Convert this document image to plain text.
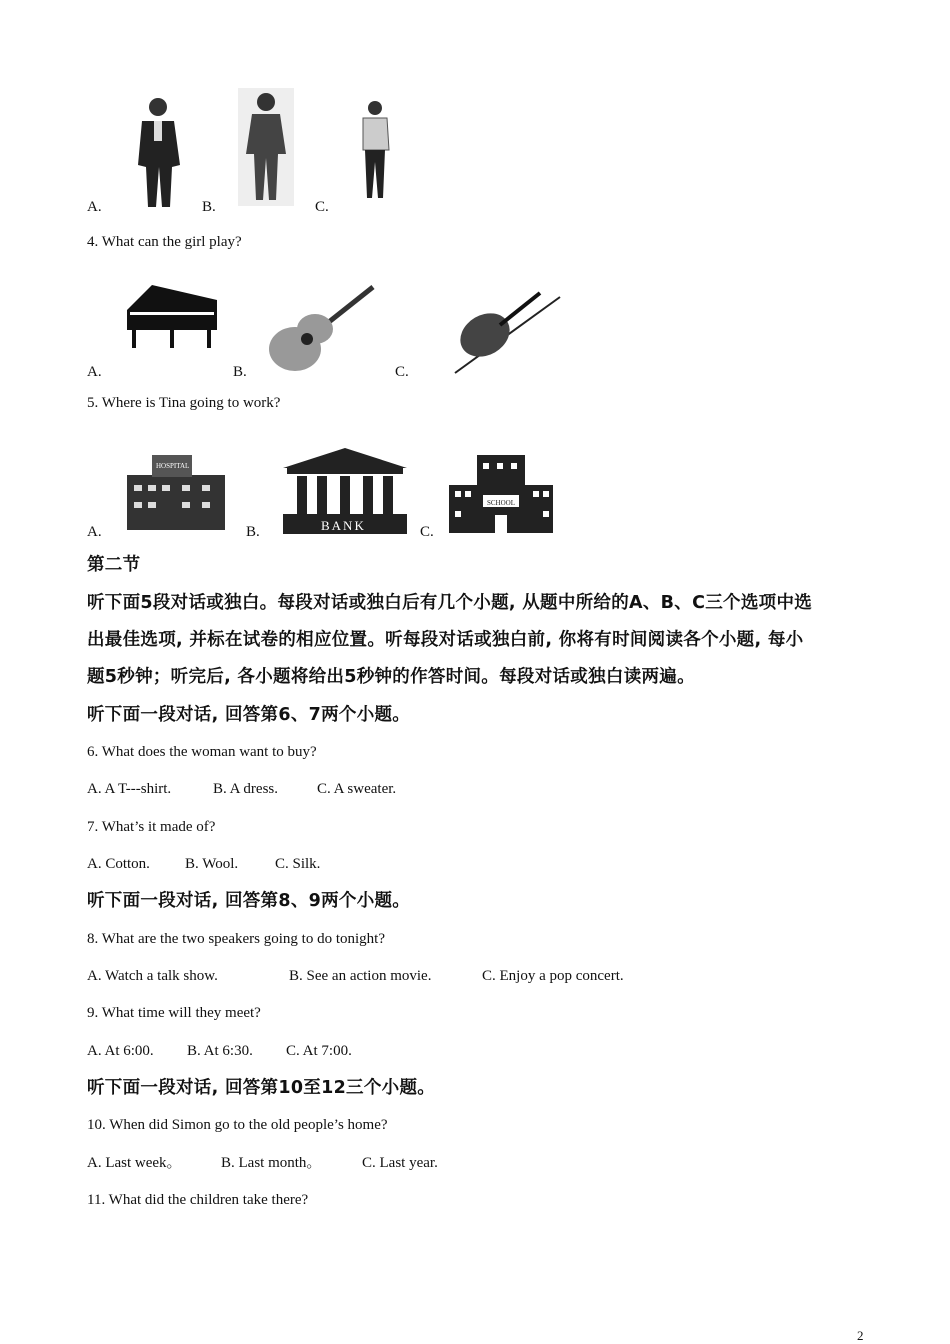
A.	B.	C.
4. What can the girl play?
A.	B.	C.
5. Where is Tina going to work?
HOSPITAL
BANK
SCHOOL
A.	B.	C.
第二节
听下面5段对话或独白。每段对话或独白后有几个小题, 从题中所给的A、B、C三个选项中选
出最佳选项, 并标在试卷的相应位置。听每段对话或独白前, 你将有时间阅读各个小题, 每小
题5秒钟；听完后, 各小题将给出5秒钟的作答时间。每段对话或独白读两遍。
听下面一段对话, 回答第6、7两个小题。
6. What does the woman want to buy?
A. A T---shirt.	B. A dress.	C. A sweater.
7. What’s it made of?
A. Cotton. B. Wool. C. Silk.
听下面一段对话, 回答第8、9两个小题。
8. What are the two speakers going to do tonight?
A. Watch a talk show.	B. See an action movie.	C. Enjoy a pop concert.
9. What time will they meet?
A. At 6:00. B. At 6:30. C. At 7:00.
听下面一段对话, 回答第10至12三个小题。
10. When did Simon go to the old people’s home?
A. Last week。	B. Last month。	C. Last year.
11. What did the children take there?
2
